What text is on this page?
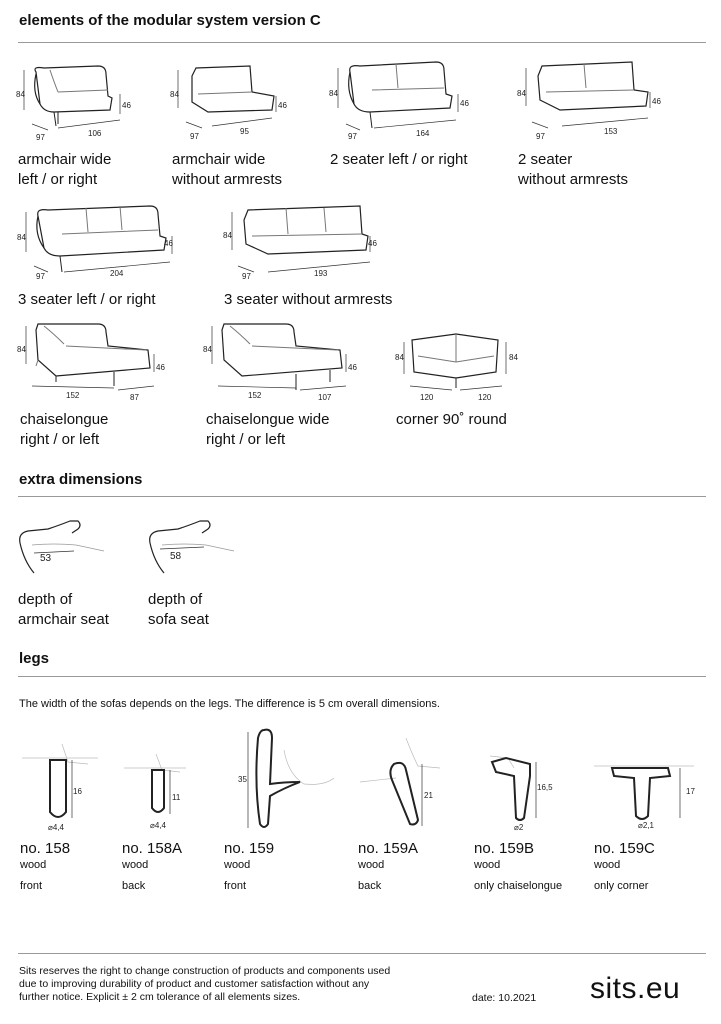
elements of the modular system version C
84
46
97	106
armchair wide
left / or right
84
46
97
95
armchair wide
without armrests
84
46
97	164
2 seater left / or right
84
46
97
153
2 seater
without armrests
84
46
97	204
3 seater left / or right
84
46
97	193
3 seater without armrests
84
46
152	87
chaiselongue
right / or left
84
46
152	107
chaiselongue wide
right / or left
84	84
120	120
corner 90˚ round
extra dimensions
53
depth of
armchair seat
58
depth of
sofa seat
legs
The width of the sofas depends on the legs. The difference is 5 cm overall dimensions.
16
⌀4,4
no. 158
wood
front
11
⌀4,4
no. 158A
wood
back
35
no. 159
wood
front
21
no. 159A
wood
back
16,5
⌀2
no. 159B
wood
only chaiselongue
17
⌀2,1
no. 159C
wood
only corner
Sits reserves the right to change construction of products and components used
due to improving durability of product and customer satisfaction without any
further notice. Explicit ± 2 cm tolerance of all elements sizes.	date: 10.2021 sits.eu
